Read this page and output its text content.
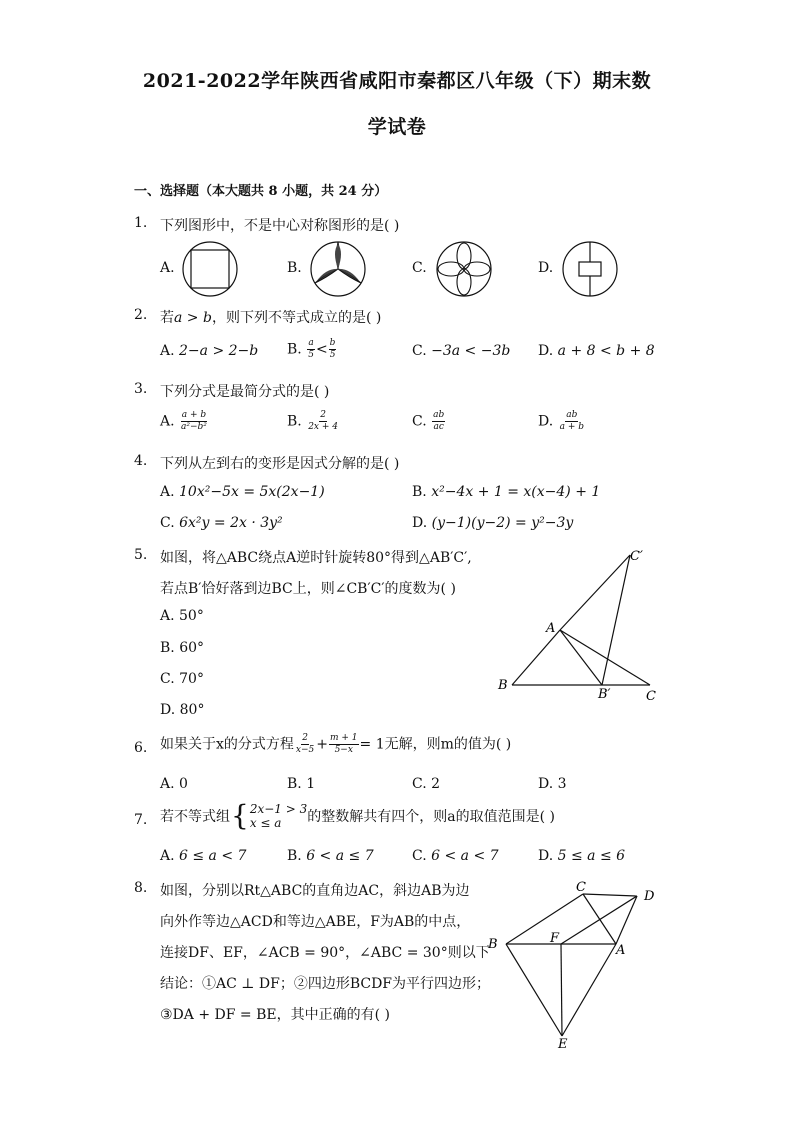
2021-2022学年陕西省咸阳市秦都区八年级（下）期末数
学试卷
一、选择题（本大题共 8 小题，共 24 分）
1. 下列图形中，不是中心对称图形的是( )
A.	B.	C.	D.
2. 若a > b，则下列不等式成立的是( )
A. 2−a > 2−b B. $\frac{a}{5} < \frac{b}{5}$	C. −3a < −3b D. a + 8 < b + 8
3. 下列分式是最简分式的是( )
A. $\frac{a + b}{\text{a²−b²}}$	B. $\frac{2}{2x + 4}$	C. $\frac{ab}{ac}$	D. $\frac{ab}{a + b}$
4. 下列从左到右的变形是因式分解的是( )
A. 10x²−5x = 5x(2x−1)	B. x²−4x + 1 = x(x−4) + 1
C. 6x²y = 2x · 3y²	D. (y−1)(y−2) = y²−3y
5. 如图，将△ABC绕点A逆时针旋转80°得到△AB′C′,
若点B′恰好落到边BC上，则∠CB′C′的度数为( )
A. 50°
B. 60°
C. 70°
D. 80°
A
B
C
B′
C′
6. 如果关于x的分式方程 $\frac{2}{x-5} + \frac{m + 1}{5-x} = 1$无解，则m的值为( )
A. 0	B. 1	C. 2	D. 3
7. 若不等式组 { 2x−1 > 3
x ≤ a	的整数解共有四个，则a的取值范围是( )
A. 6 ≤ a < 7	B. 6 < a ≤ 7	C. 6 < a < 7	D. 5 ≤ a ≤ 6
8. 如图，分别以Rt△ABC的直角边AC，斜边AB为边
向外作等边△ACD和等边△ABE，F为AB的中点，
连接DF、EF，∠ACB = 90°，∠ABC = 30°则以下
结论：①AC ⊥ DF；②四边形BCDF为平行四边形；
③DA + DF = BE，其中正确的有( )
C
D
B	F
A
E
